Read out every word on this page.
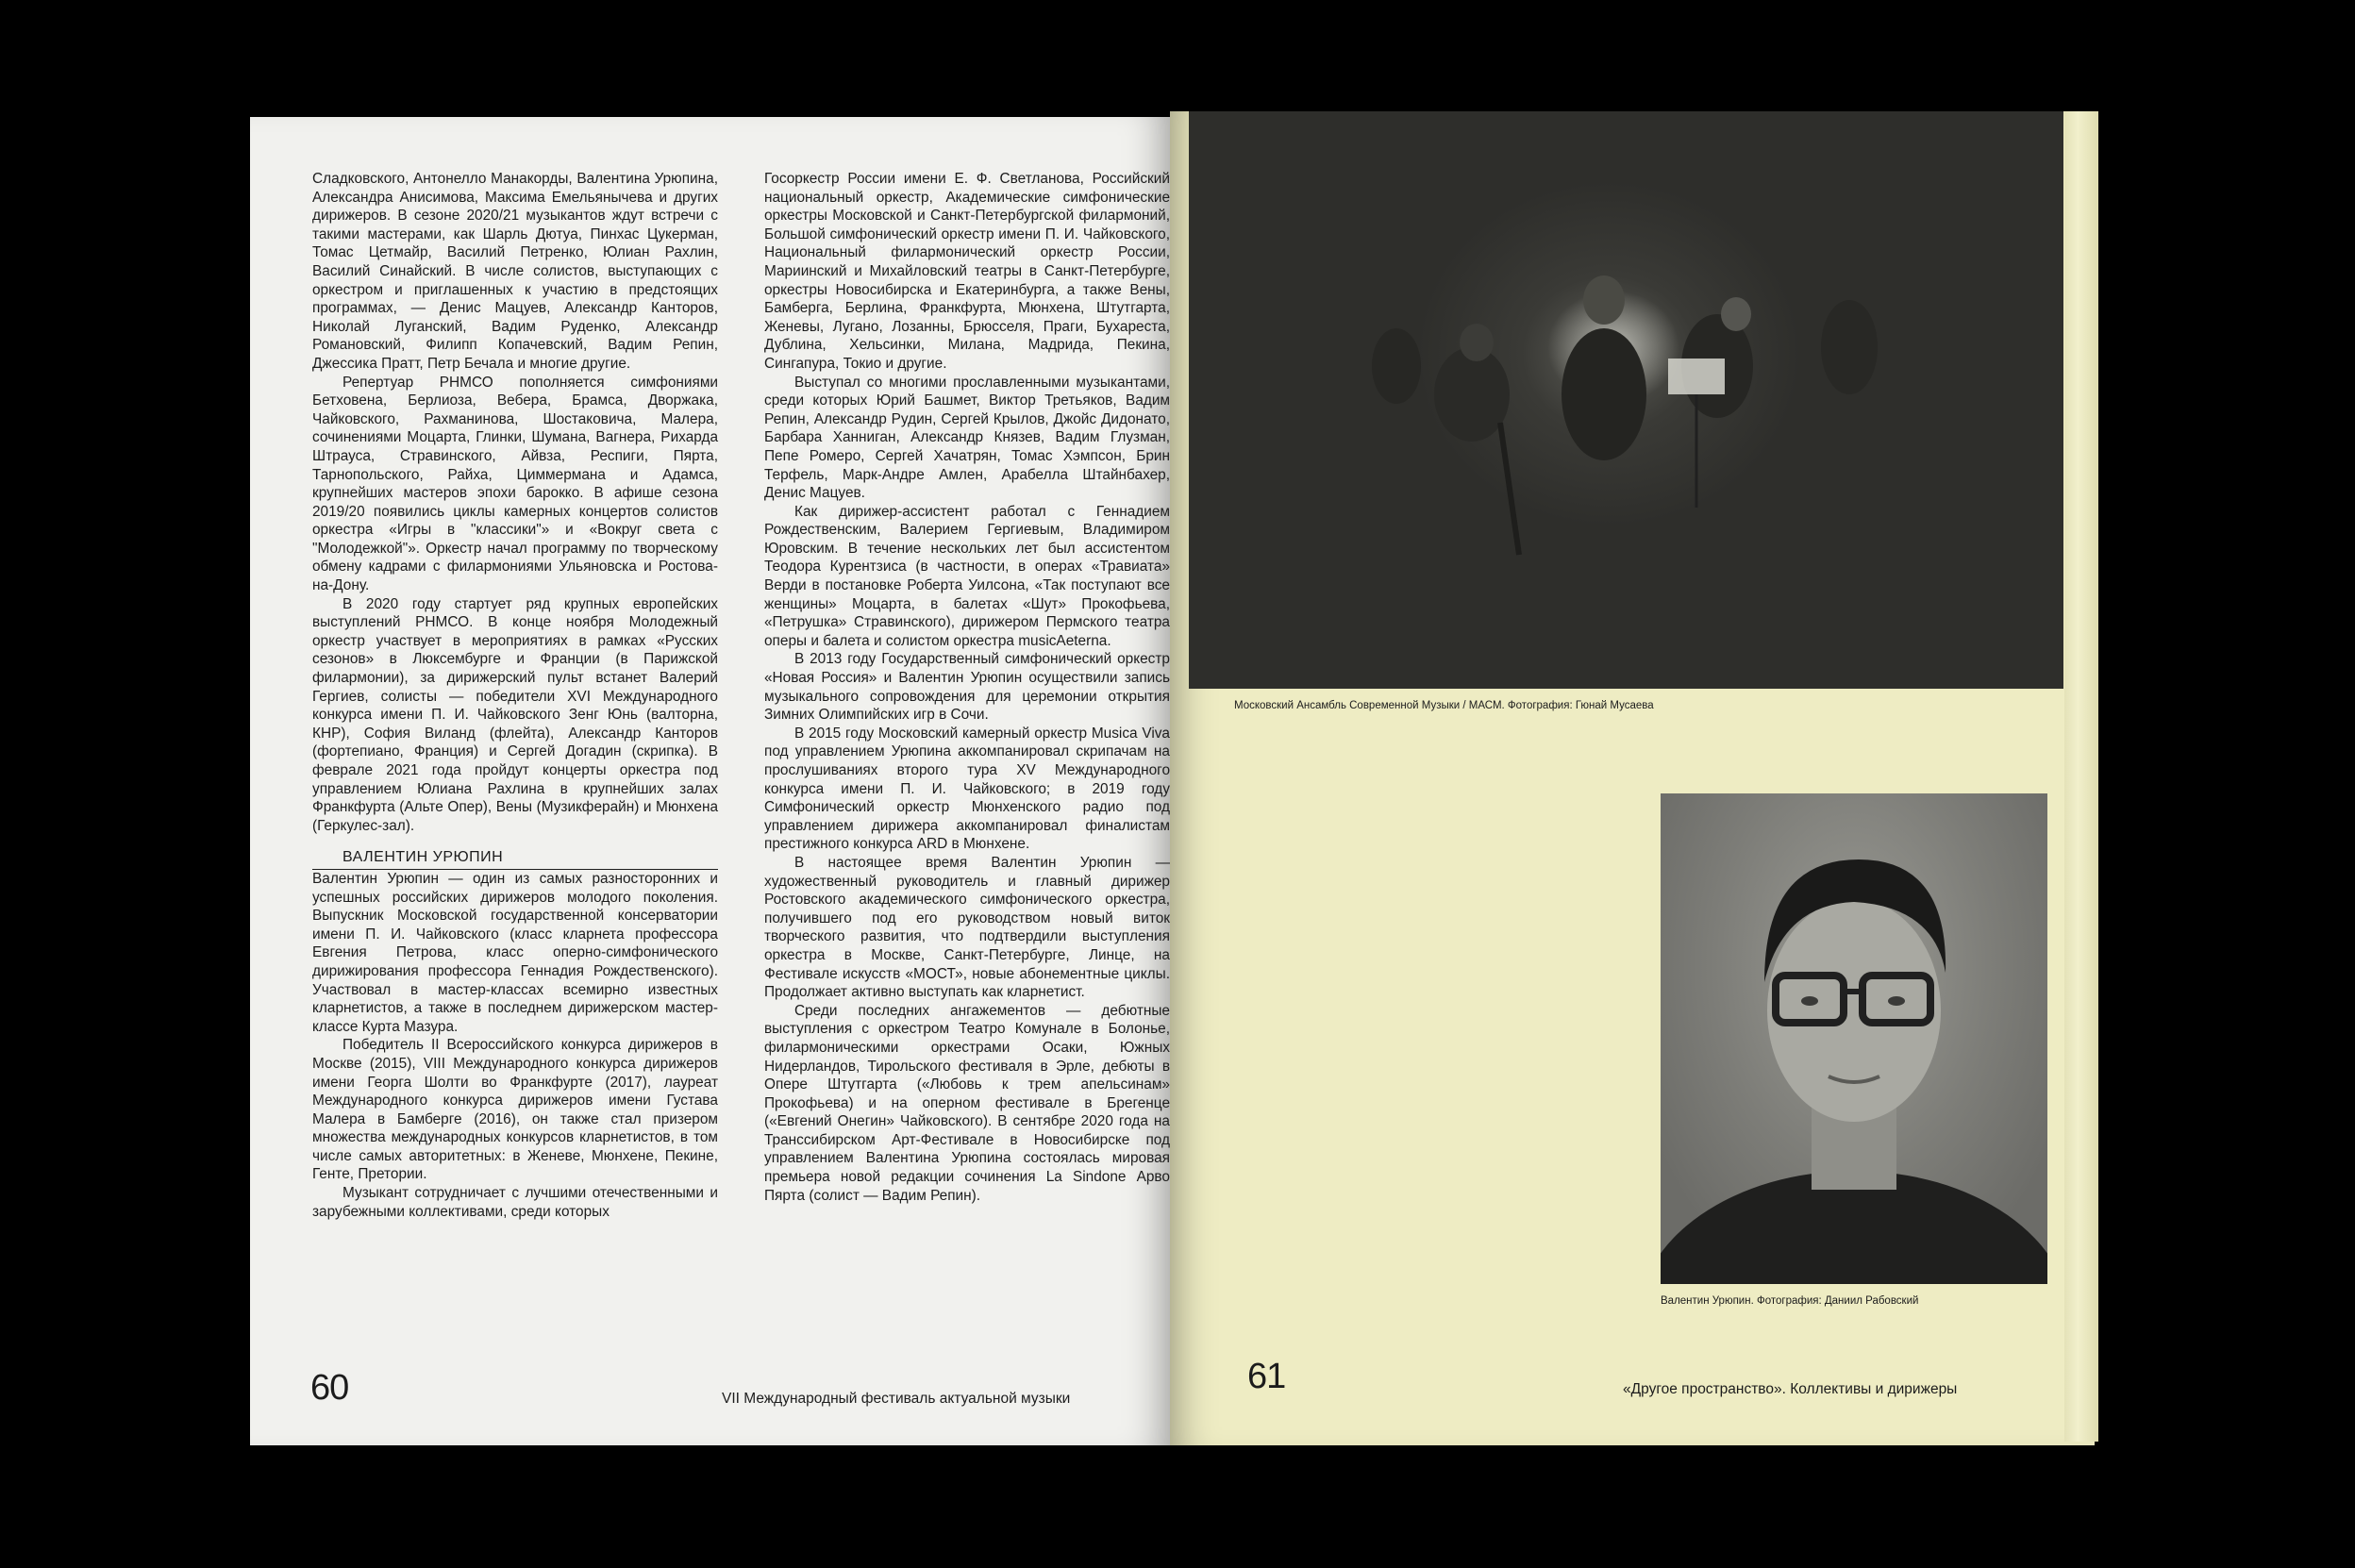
Сладковского, Антонелло Манакорды, Валентина Урюпина, Александра Анисимова, Максима Емельянычева и других дирижеров. В сезоне 2020/21 музыкантов ждут встречи с такими мастерами, как Шарль Дютуа, Пинхас Цукерман, Томас Цетмайр, Василий Петренко, Юлиан Рахлин, Василий Синайский. В числе солистов, выступающих с оркестром и приглашенных к участию в предстоящих программах, — Денис Мацуев, Александр Канторов, Николай Луганский, Вадим Руденко, Александр Романовский, Филипп Копачевский, Вадим Репин, Джессика Пратт, Петр Бечала и многие другие.

Репертуар РНМСО пополняется симфониями Бетховена, Берлиоза, Вебера, Брамса, Дворжака, Чайковского, Рахманинова, Шостаковича, Малера, сочинениями Моцарта, Глинки, Шумана, Вагнера, Рихарда Штрауса, Стравинского, Айвза, Респиги, Пярта, Тарнопольского, Райха, Циммермана и Адамса, крупнейших мастеров эпохи барокко. В афише сезона 2019/20 появились циклы камерных концертов солистов оркестра «Игры в "классики"» и «Вокруг света с "Молодежкой"». Оркестр начал программу по творческому обмену кадрами с филармониями Ульяновска и Ростова-на-Дону.

В 2020 году стартует ряд крупных европейских выступлений РНМСО. В конце ноября Молодежный оркестр участвует в мероприятиях в рамках «Русских сезонов» в Люксембурге и Франции (в Парижской филармонии), за дирижерский пульт встанет Валерий Гергиев, солисты — победители XVI Международного конкурса имени П. И. Чайковского Зенг Юнь (валторна, КНР), София Виланд (флейта), Александр Канторов (фортепиано, Франция) и Сергей Догадин (скрипка). В феврале 2021 года пройдут концерты оркестра под управлением Юлиана Рахлина в крупнейших залах Франкфурта (Альте Опер), Вены (Музикферайн) и Мюнхена (Геркулес-зал).

ВАЛЕНТИН УРЮПИН

Валентин Урюпин — один из самых разносторонних и успешных российских дирижеров молодого поколения. Выпускник Московской государственной консерватории имени П. И. Чайковского (класс кларнета профессора Евгения Петрова, класс оперно-симфонического дирижирования профессора Геннадия Рождественского). Участвовал в мастер-классах всемирно известных кларнетистов, а также в последнем дирижерском мастер-классе Курта Мазура.

Победитель II Всероссийского конкурса дирижеров в Москве (2015), VIII Международного конкурса дирижеров имени Георга Шолти во Франкфурте (2017), лауреат Международного конкурса дирижеров имени Густава Малера в Бамберге (2016), он также стал призером множества международных конкурсов кларнетистов, в том числе самых авторитетных: в Женеве, Мюнхене, Пекине, Генте, Претории.

Музыкант сотрудничает с лучшими отечественными и зарубежными коллективами, среди которых

Госоркестр России имени Е. Ф. Светланова, Российский национальный оркестр, Академические симфонические оркестры Московской и Санкт-Петербургской филармоний, Большой симфонический оркестр имени П. И. Чайковского, Национальный филармонический оркестр России, Мариинский и Михайловский театры в Санкт-Петербурге, оркестры Новосибирска и Екатеринбурга, а также Вены, Бамберга, Берлина, Франкфурта, Мюнхена, Штутгарта, Женевы, Лугано, Лозанны, Брюсселя, Праги, Бухареста, Дублина, Хельсинки, Милана, Мадрида, Пекина, Сингапура, Токио и другие.

Выступал со многими прославленными музыкантами, среди которых Юрий Башмет, Виктор Третьяков, Вадим Репин, Александр Рудин, Сергей Крылов, Джойс Дидонато, Барбара Ханниган, Александр Князев, Вадим Глузман, Пепе Ромеро, Сергей Хачатрян, Томас Хэмпсон, Брин Терфель, Марк-Андре Амлен, Арабелла Штайнбахер, Денис Мацуев.

Как дирижер-ассистент работал с Геннадием Рождественским, Валерием Гергиевым, Владимиром Юровским. В течение нескольких лет был ассистентом Теодора Курентзиса (в частности, в операх «Травиата» Верди в постановке Роберта Уилсона, «Так поступают все женщины» Моцарта, в балетах «Шут» Прокофьева, «Петрушка» Стравинского), дирижером Пермского театра оперы и балета и солистом оркестра musicAeterna.

В 2013 году Государственный симфонический оркестр «Новая Россия» и Валентин Урюпин осуществили запись музыкального сопровождения для церемонии открытия Зимних Олимпийских игр в Сочи.

В 2015 году Московский камерный оркестр Musica Viva под управлением Урюпина аккомпанировал скрипачам на прослушиваниях второго тура XV Международного конкурса имени П. И. Чайковского; в 2019 году Симфонический оркестр Мюнхенского радио под управлением дирижера аккомпанировал финалистам престижного конкурса ARD в Мюнхене.

В настоящее время Валентин Урюпин — художественный руководитель и главный дирижер Ростовского академического симфонического оркестра, получившего под его руководством новый виток творческого развития, что подтвердили выступления оркестра в Москве, Санкт-Петербурге, Линце, на Фестивале искусств «МОСТ», новые абонементные циклы. Продолжает активно выступать как кларнетист.

Среди последних ангажементов — дебютные выступления с оркестром Театро Комунале в Болонье, филармоническими оркестрами Осаки, Южных Нидерландов, Тирольского фестиваля в Эрле, дебюты в Опере Штутгарта («Любовь к трем апельсинам» Прокофьева) и на оперном фестивале в Брегенце («Евгений Онегин» Чайковского). В сентябре 2020 года на Транссибирском Арт-Фестивале в Новосибирске под управлением Валентина Урюпина состоялась мировая премьера новой редакции сочинения La Sindone Арво Пярта (солист — Вадим Репин).

60	VII Международный фестиваль актуальной музыки
Московский Ансамбль Современной Музыки / МАСМ. Фотография: Гюнай Мусаева
Валентин Урюпин. Фотография: Даниил Рабовский
61	«Другое пространство». Коллективы и дирижеры
